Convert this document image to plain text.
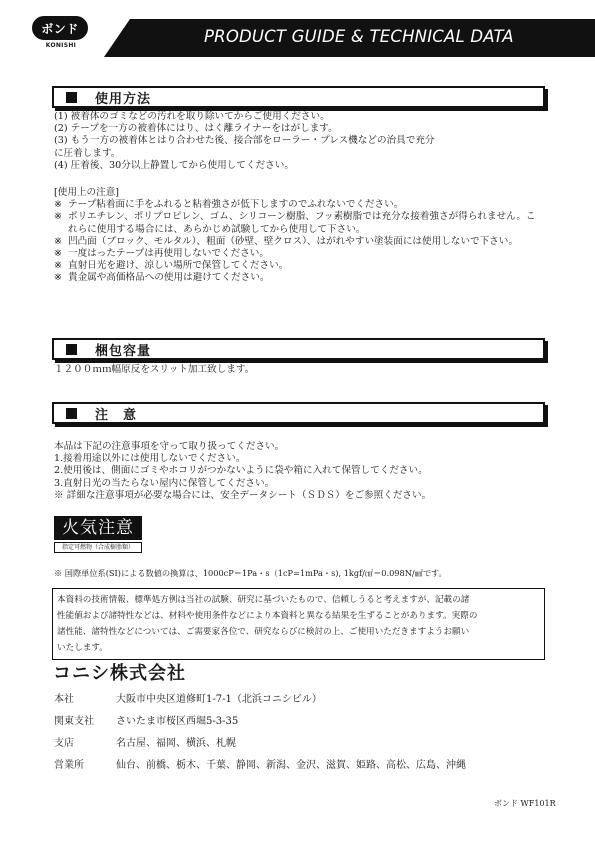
ボンド
KONISHI	PRODUCT GUIDE & TECHNICAL DATA
使用方法
(1) 被着体のゴミなどの汚れを取り除いてからご使用ください。
(2) テープを一方の被着体にはり、はく離ライナーをはがします。
(3) もう一方の被着体とはり合わせた後、接合部をローラー・プレス機などの治具で充分
に圧着します。
(4) 圧着後、30分以上静置してから使用してください。
[使用上の注意]
※ テープ粘着面に手をふれると粘着強さが低下しますのでふれないでください。
※ ポリエチレン、ポリプロピレン、ゴム、シリコーン樹脂、フッ素樹脂では充分な接着強さが得られません。これらに使用する場合には、あらかじめ試験してから使用して下さい。
※ 凹凸面（ブロック、モルタル）、粗面（砂壁、壁クロス）、はがれやすい塗装面には使用しないで下さい。
※ 一度はったテープは再使用しないでください。
※ 直射日光を避け、涼しい場所で保管してください。
※ 貴金属や高価格品への使用は避けてください。
梱包容量
１２００ｍｍ幅原反をスリット加工致します。
注　意
本品は下記の注意事項を守って取り扱ってください。
1.接着用途以外には使用しないでください。
2.使用後は、側面にゴミやホコリがつかないように袋や箱に入れて保管してください。
3.直射日光の当たらない屋内に保管してください。
※ 詳細な注意事項が必要な場合には、安全データシート（ＳＤＳ）をご参照ください。
火気注意
指定可燃物（合成樹脂類）
※ 国際単位系(SI)による数値の換算は、1000cP＝1Pa・s（1cP=1mPa・s), 1kgf/㎠＝0.098N/㎟です。
本資料の技術情報、標準処方例は当社の試験、研究に基づいたもので、信頼しうると考えますが、記載の諸
性能値および諸特性などは、材料や使用条件などにより本資料と異なる結果を生ずることがあります。実際の
諸性能、諸特性などについては、ご需要家各位で、研究ならびに検討の上、ご使用いただきますようお願い
いたします。
コニシ株式会社
本社	大阪市中央区道修町1-7-1（北浜コニシビル）
関東支社 さいたま市桜区西堀5-3-35
支店	名古屋、福岡、横浜、札幌
営業所	仙台、前橋、栃木、千葉、静岡、新潟、金沢、滋賀、姫路、高松、広島、沖縄
ボンド WF101R
